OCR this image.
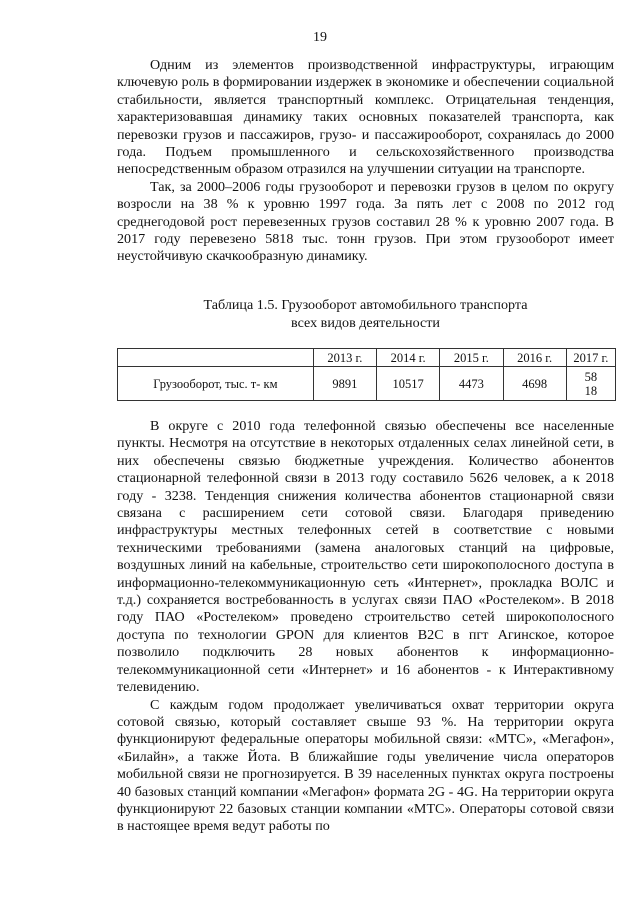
19

Одним из элементов производственной инфраструктуры, играющим ключевую роль в формировании издержек в экономике и обеспечении социальной стабильности, является транспортный комплекс. Отрицательная тенденция, характеризовавшая динамику таких основных показателей транспорта, как перевозки грузов и пассажиров, грузо- и пассажирооборот, сохранялась до 2000 года. Подъем промышленного и сельскохозяйственного производства непосредственным образом отразился на улучшении ситуации на транспорте.

Так, за 2000–2006 годы грузооборот и перевозки грузов в целом по округу возросли на 38 % к уровню 1997 года. За пять лет с 2008 по 2012 год среднегодовой рост перевезенных грузов составил 28 % к уровню 2007 года. В 2017 году перевезено 5818 тыс. тонн грузов. При этом грузооборот имеет неустойчивую скачкообразную динамику.

Таблица 1.5. Грузооборот автомобильного транспорта
всех видов деятельности
	2013 г.	2014 г.	2015 г.	2016 г.	2017 г.
Грузооборот, тыс. т- км	9891	10517	4473	4698	5818

В округе с 2010 года телефонной связью обеспечены все населенные пункты. Несмотря на отсутствие в некоторых отдаленных селах линейной сети, в них обеспечены связью бюджетные учреждения. Количество абонентов стационарной телефонной связи в 2013 году составило 5626 человек, а к 2018 году - 3238. Тенденция снижения количества абонентов стационарной связи связана с расширением сети сотовой связи. Благодаря приведению инфраструктуры местных телефонных сетей в соответствие с новыми техническими требованиями (замена аналоговых станций на цифровые, воздушных линий на кабельные, строительство сети широкополосного доступа в информационно-телекоммуникационную сеть «Интернет», прокладка ВОЛС и т.д.) сохраняется востребованность в услугах связи ПАО «Ростелеком». В 2018 году ПАО «Ростелеком» проведено строительство сетей широкополосного доступа по технологии GPON для клиентов B2C в пгт Агинское, которое позволило подключить 28 новых абонентов к информационно-телекоммуникационной сети «Интернет» и 16 абонентов - к Интерактивному телевидению.

С каждым годом продолжает увеличиваться охват территории округа сотовой связью, который составляет свыше 93 %. На территории округа функционируют федеральные операторы мобильной связи: «МТС», «Мегафон», «Билайн», а также Йота. В ближайшие годы увеличение числа операторов мобильной связи не прогнозируется. В 39 населенных пунктах округа построены 40 базовых станций компании «Мегафон» формата 2G - 4G. На территории округа функционируют 22 базовых станции компании «МТС». Операторы сотовой связи в настоящее время ведут работы по
